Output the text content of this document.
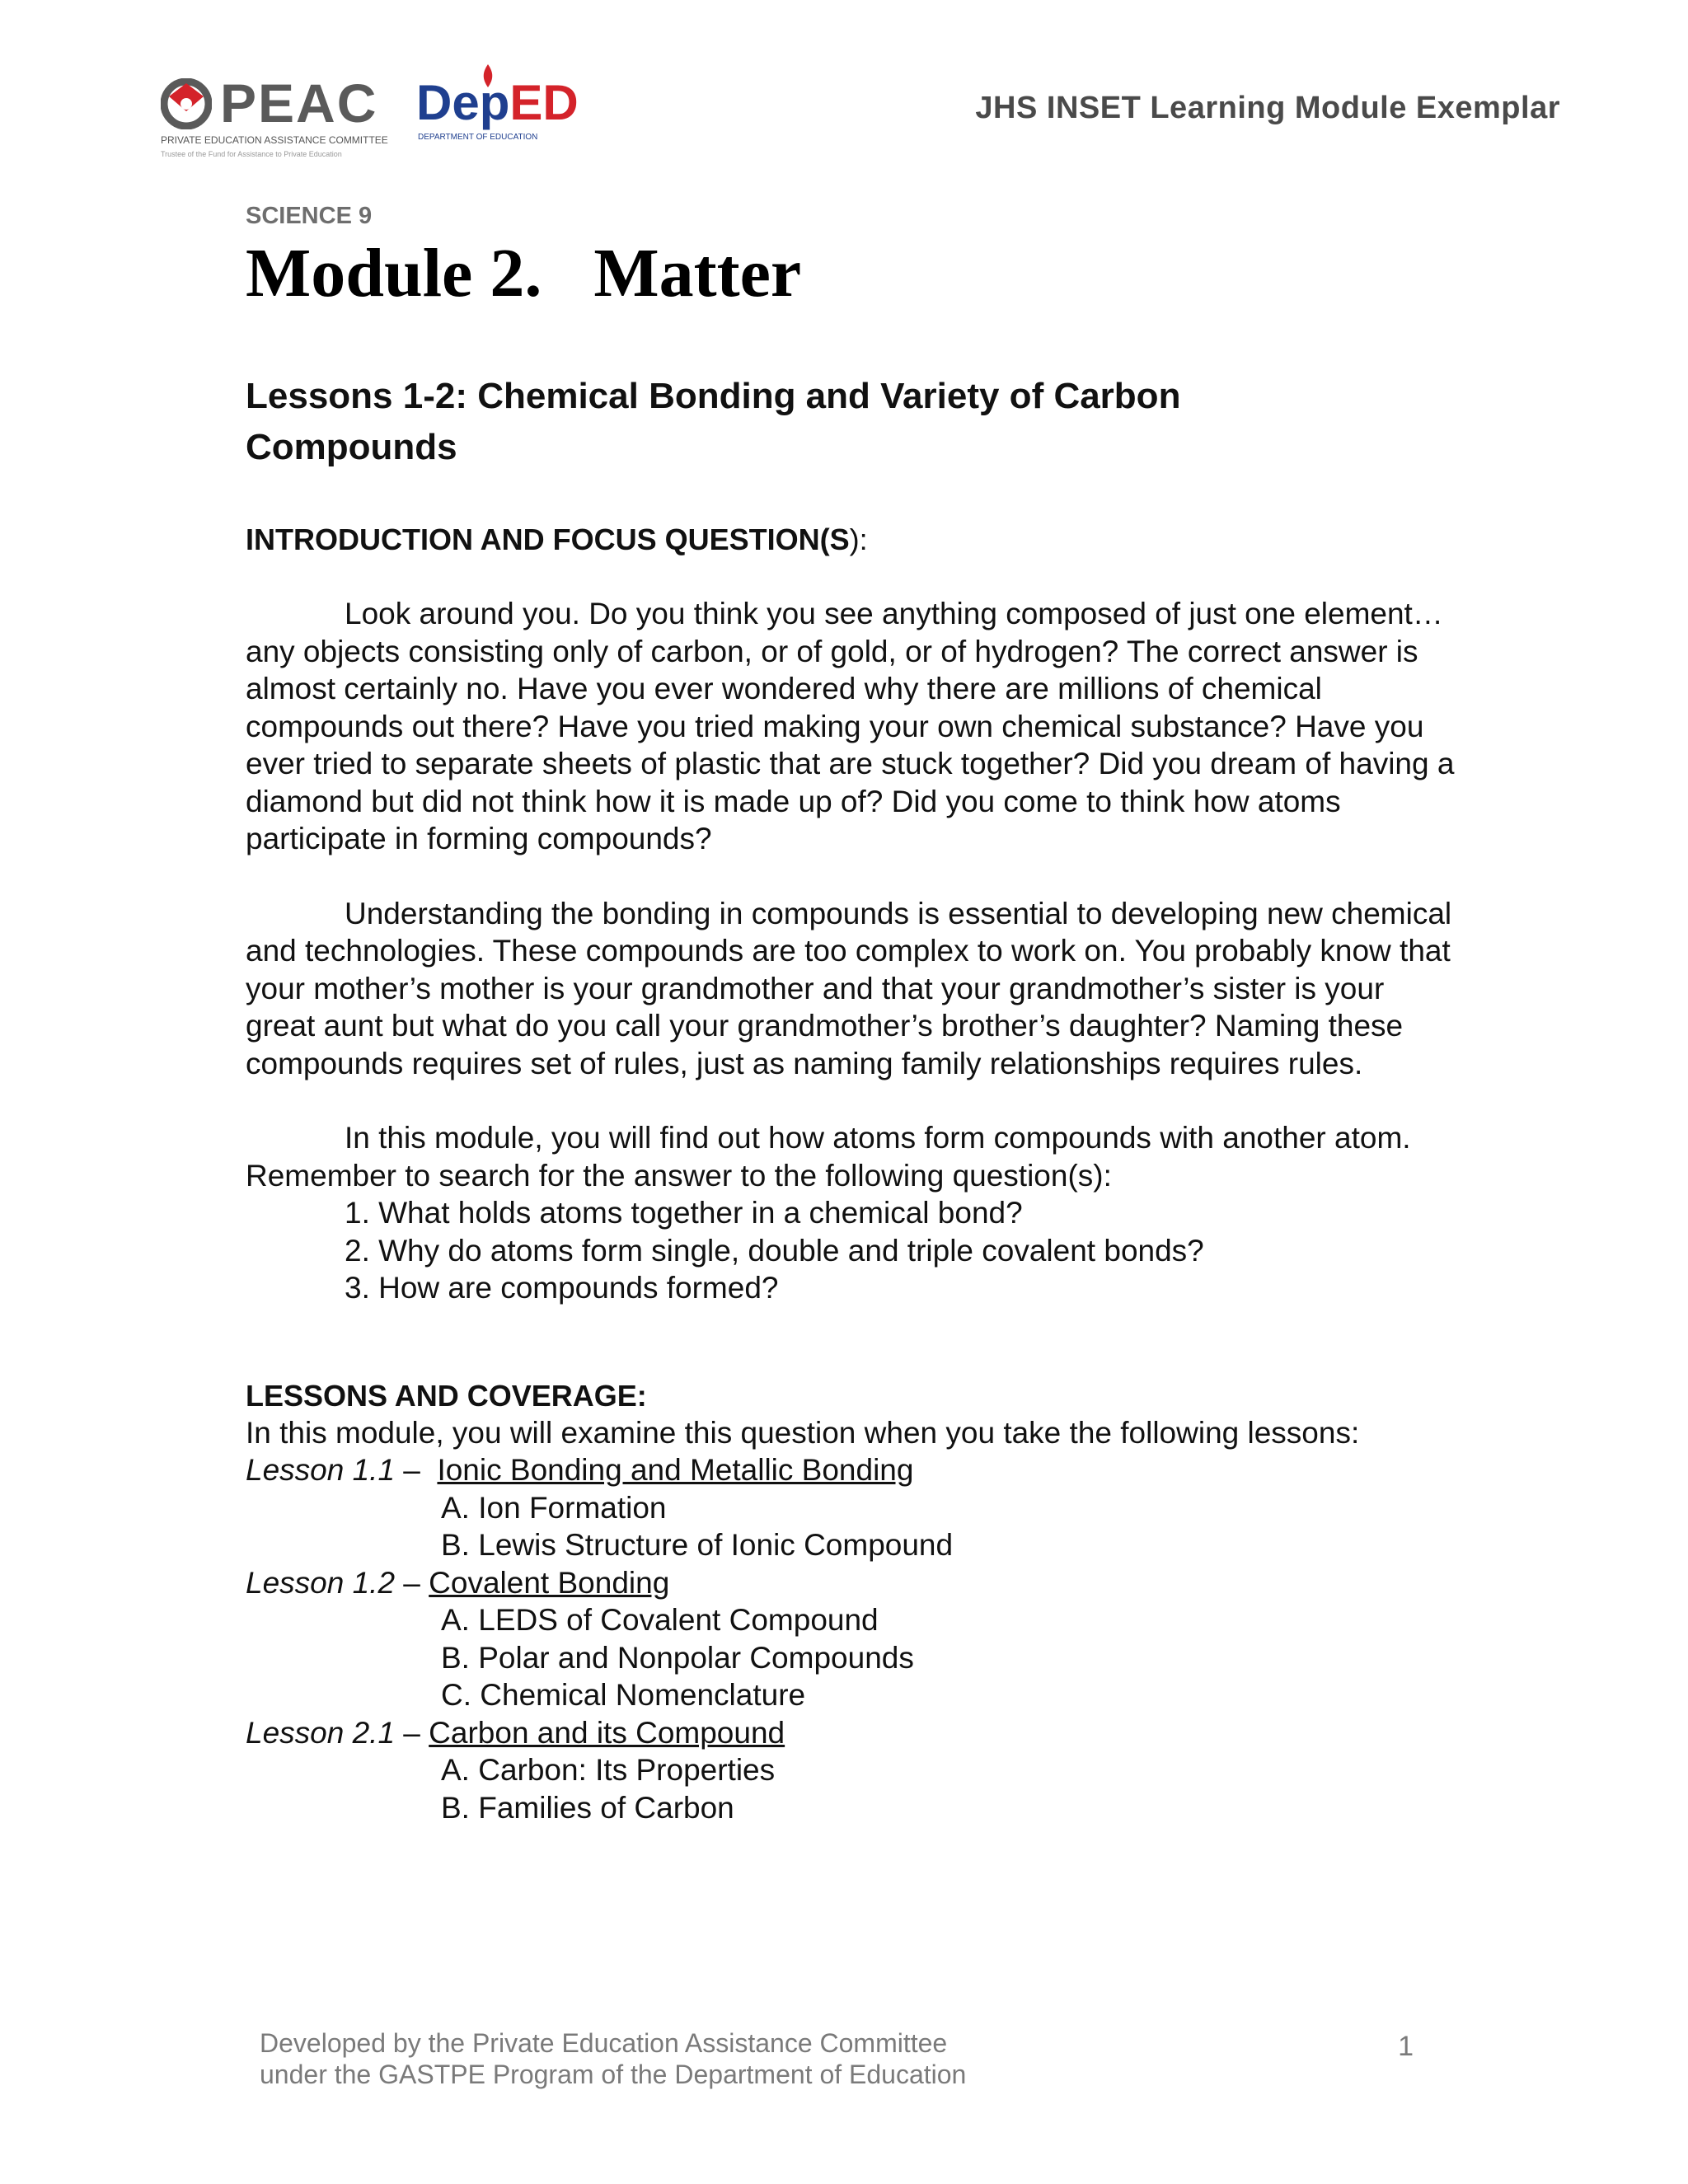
PEAC
PRIVATE EDUCATION ASSISTANCE COMMITTEE
Trustee of the Fund for Assistance to Private Education
DepED
DEPARTMENT OF EDUCATION
JHS INSET Learning Module Exemplar
SCIENCE 9
Module 2.   Matter
Lessons 1-2: Chemical Bonding and Variety of Carbon
Compounds
INTRODUCTION AND FOCUS QUESTION(S):

Look around you. Do you think you see anything composed of just one element… any objects consisting only of carbon, or of gold, or of hydrogen? The correct answer is almost certainly no. Have you ever wondered why there are millions of chemical compounds out there? Have you tried making your own chemical substance? Have you ever tried to separate sheets of plastic that are stuck together? Did you dream of having a diamond but did not think how it is made up of? Did you come to think how atoms participate in forming compounds?

Understanding the bonding in compounds is essential to developing new chemical and technologies. These compounds are too complex to work on. You probably know that your mother’s mother is your grandmother and that your grandmother’s sister is your great aunt but what do you call your grandmother’s brother’s daughter? Naming these compounds requires set of rules, just as naming family relationships requires rules.

In this module, you will find out how atoms form compounds with another atom. Remember to search for the answer to the following question(s):

1. What holds atoms together in a chemical bond?
2. Why do atoms form single, double and triple covalent bonds?
3. How are compounds formed?
LESSONS AND COVERAGE:

In this module, you will examine this question when you take the following lessons:

Lesson 1.1 –  Ionic Bonding and Metallic Bonding
A. Ion Formation
B. Lewis Structure of Ionic Compound
Lesson 1.2 – Covalent Bonding
A. LEDS of Covalent Compound
B. Polar and Nonpolar Compounds
C. Chemical Nomenclature
Lesson 2.1 – Carbon and its Compound
A. Carbon: Its Properties
B. Families of Carbon
Developed by the Private Education Assistance Committee
under the GASTPE Program of the Department of Education
1
